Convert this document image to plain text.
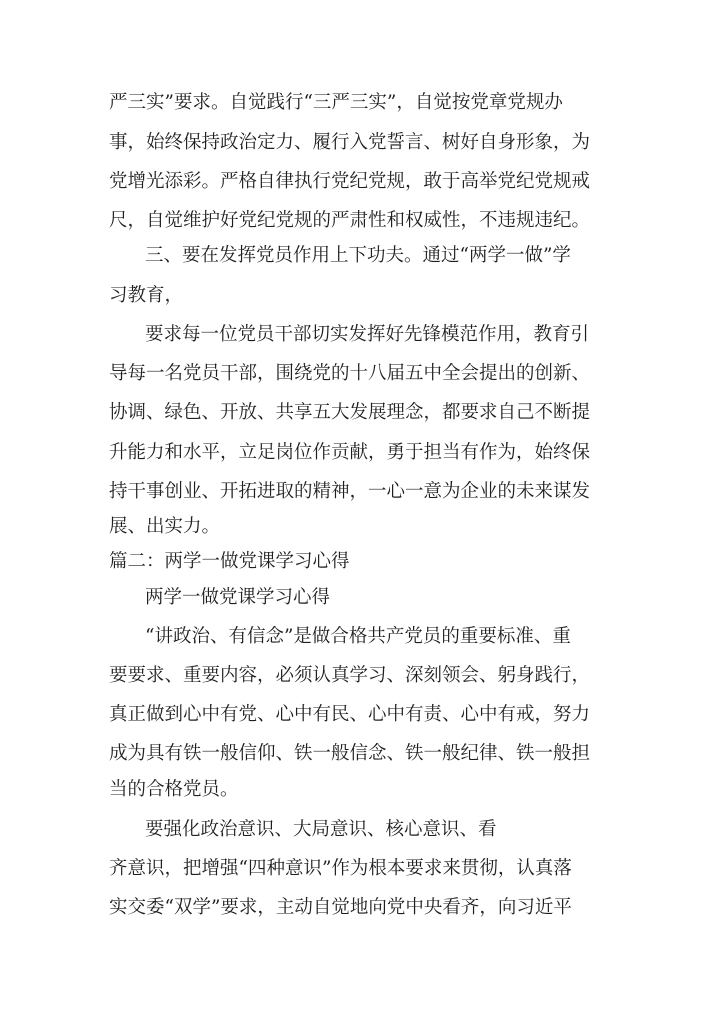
严三实”要求。自觉践行“三严三实”，自觉按党章党规办
事，始终保持政治定力、履行入党誓言、树好自身形象，为
党增光添彩。严格自律执行党纪党规，敢于高举党纪党规戒
尺，自觉维护好党纪党规的严肃性和权威性，不违规违纪。
三、要在发挥党员作用上下功夫。通过“两学一做”学
习教育，
要求每一位党员干部切实发挥好先锋模范作用，教育引
导每一名党员干部，围绕党的十八届五中全会提出的创新、
协调、绿色、开放、共享五大发展理念，都要求自己不断提
升能力和水平，立足岗位作贡献，勇于担当有作为，始终保
持干事创业、开拓进取的精神，一心一意为企业的未来谋发
展、出实力。
篇二：两学一做党课学习心得
两学一做党课学习心得
“讲政治、有信念”是做合格共产党员的重要标准、重
要要求、重要内容，必须认真学习、深刻领会、躬身践行，
真正做到心中有党、心中有民、心中有责、心中有戒，努力
成为具有铁一般信仰、铁一般信念、铁一般纪律、铁一般担
当的合格党员。
要强化政治意识、大局意识、核心意识、看
齐意识，把增强“四种意识”作为根本要求来贯彻，认真落
实交委“双学”要求，主动自觉地向党中央看齐，向习近平
